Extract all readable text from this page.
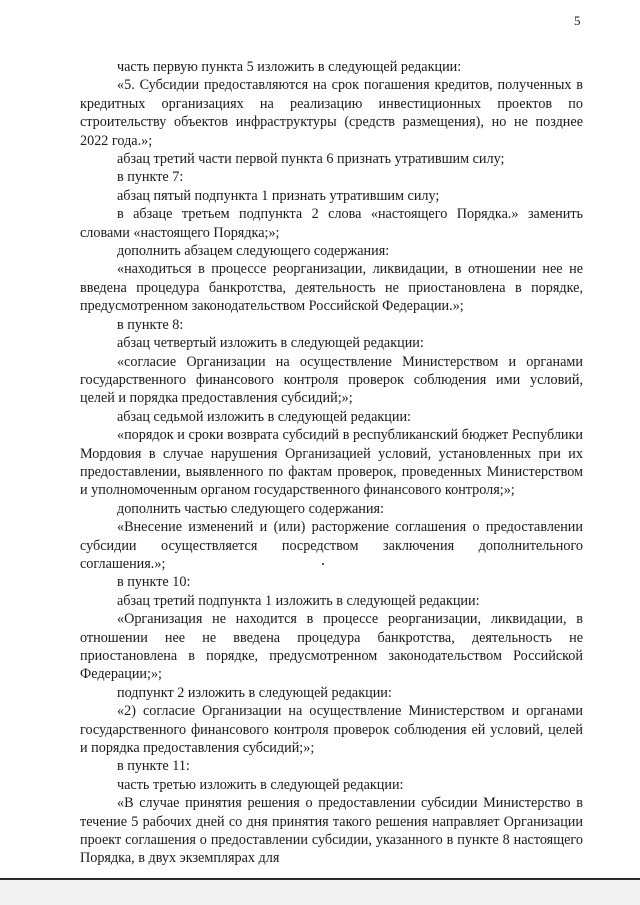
5

часть первую пункта 5 изложить в следующей редакции:

«5. Субсидии предоставляются на срок погашения кредитов, полученных в кредитных организациях на реализацию инвестиционных проектов по строительству объектов инфраструктуры (средств размещения), но не позднее 2022 года.»;

абзац третий части первой пункта 6 признать утратившим силу;

в пункте 7:

абзац пятый подпункта 1 признать утратившим силу;

в абзаце третьем подпункта 2 слова «настоящего Порядка.» заменить словами «настоящего Порядка;»;

дополнить абзацем следующего содержания:

«находиться в процессе реорганизации, ликвидации, в отношении нее не введена процедура банкротства, деятельность не приостановлена в порядке, предусмотренном законодательством Российской Федерации.»;

в пункте 8:

абзац четвертый изложить в следующей редакции:

«согласие Организации на осуществление Министерством и органами государственного финансового контроля проверок соблюдения ими условий, целей и порядка предоставления субсидий;»;

абзац седьмой изложить в следующей редакции:

«порядок и сроки возврата субсидий в республиканский бюджет Республики Мордовия в случае нарушения Организацией условий, установленных при их предоставлении, выявленного по фактам проверок, проведенных Министерством и уполномоченным органом государственного финансового контроля;»;

дополнить частью следующего содержания:

«Внесение изменений и (или) расторжение соглашения о предоставлении субсидии осуществляется посредством заключения дополнительного соглашения.»;

в пункте 10:

абзац третий подпункта 1 изложить в следующей редакции:

«Организация не находится в процессе реорганизации, ликвидации, в отношении нее не введена процедура банкротства, деятельность не приостановлена в порядке, предусмотренном законодательством Российской Федерации;»;

подпункт 2 изложить в следующей редакции:

«2) согласие Организации на осуществление Министерством и органами государственного финансового контроля проверок соблюдения ей условий, целей и порядка предоставления субсидий;»;

в пункте 11:

часть третью изложить в следующей редакции:

«В случае принятия решения о предоставлении субсидии Министерство в течение 5 рабочих дней со дня принятия такого решения направляет Организации проект соглашения о предоставлении субсидии, указанного в пункте 8 настоящего Порядка, в двух экземплярах для
